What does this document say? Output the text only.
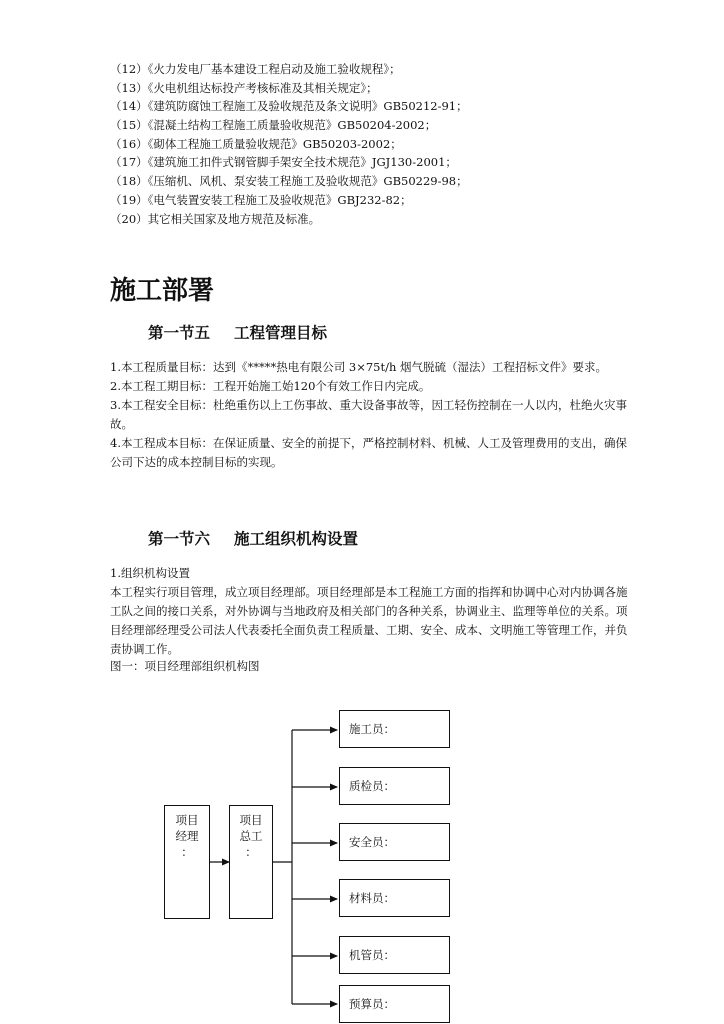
（12）《火力发电厂基本建设工程启动及施工验收规程》；
（13）《火电机组达标投产考核标准及其相关规定》；
（14）《建筑防腐蚀工程施工及验收规范及条文说明》GB50212-91；
（15）《混凝土结构工程施工质量验收规范》GB50204-2002；
（16）《砌体工程施工质量验收规范》GB50203-2002；
（17）《建筑施工扣件式钢管脚手架安全技术规范》JGJ130-2001；
（18）《压缩机、风机、泵安装工程施工及验收规范》GB50229-98；
（19）《电气装置安装工程施工及验收规范》GBJ232-82；
（20）其它相关国家及地方规范及标准。
施工部署
第一节五 工程管理目标

1.本工程质量目标：达到《*****热电有限公司 3×75t/h 烟气脱硫（湿法）工程招标文件》要求。

2.本工程工期目标：工程开始施工始120个有效工作日内完成。

3.本工程安全目标：杜绝重伤以上工伤事故、重大设备事故等，因工轻伤控制在一人以内，杜绝火灾事故。

4.本工程成本目标：在保证质量、安全的前提下，严格控制材料、机械、人工及管理费用的支出，确保公司下达的成本控制目标的实现。

第一节六 施工组织机构设置

1.组织机构设置

本工程实行项目管理，成立项目经理部。项目经理部是本工程施工方面的指挥和协调中心对内协调各施工队之间的接口关系，对外协调与当地政府及相关部门的各种关系，协调业主、监理等单位的关系。项目经理部经理受公司法人代表委托全面负责工程质量、工期、安全、成本、文明施工等管理工作，并负责协调工作。

图一：项目经理部组织机构图
项目
经理
：
项目
总工
：
施工员：
质检员：
安全员：
材料员：
机管员：
预算员：
